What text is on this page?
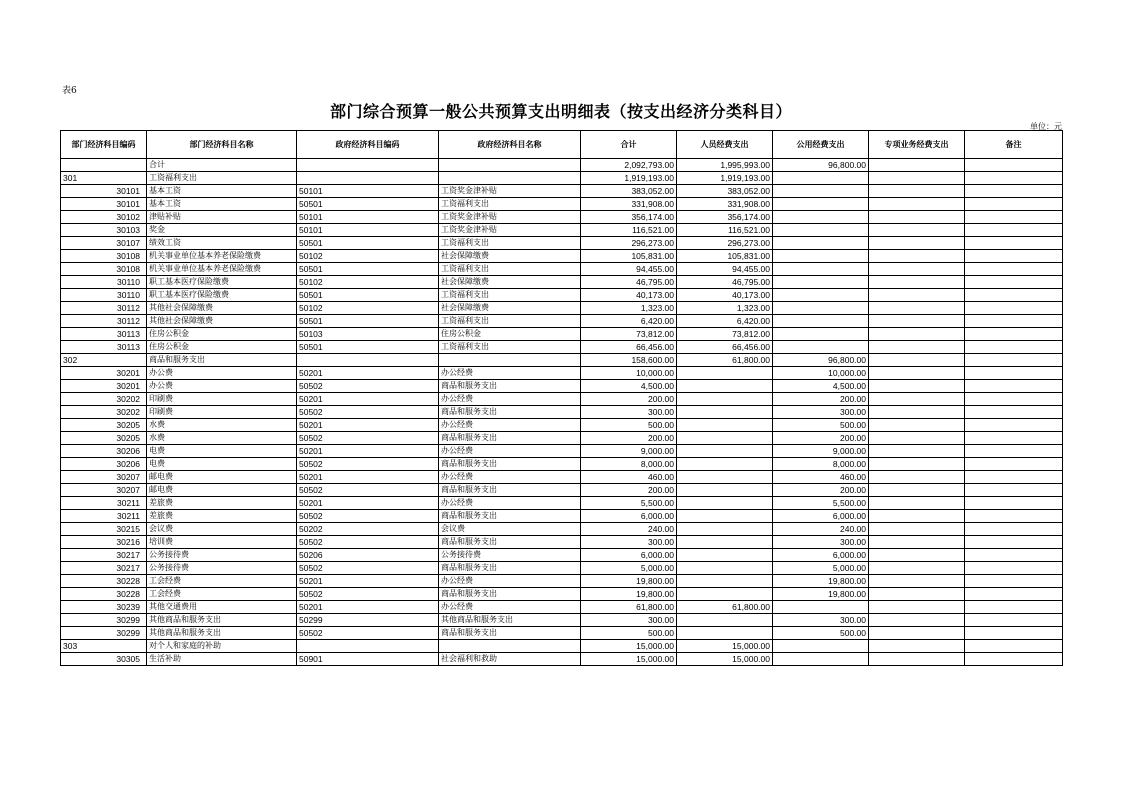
表6
部门综合预算一般公共预算支出明细表（按支出经济分类科目）
单位：元
部门经济科目编码	部门经济科目名称	政府经济科目编码	政府经济科目名称	合计	人员经费支出	公用经费支出	专项业务经费支出	备注
	合计			2,092,793.00	1,995,993.00	96,800.00		
301	工资福利支出			1,919,193.00	1,919,193.00			
30101	基本工资	50101	工资奖金津补贴	383,052.00	383,052.00			
30101	基本工资	50501	工资福利支出	331,908.00	331,908.00			
30102	津贴补贴	50101	工资奖金津补贴	356,174.00	356,174.00			
30103	奖金	50101	工资奖金津补贴	116,521.00	116,521.00			
30107	绩效工资	50501	工资福利支出	296,273.00	296,273.00			
30108	机关事业单位基本养老保险缴费	50102	社会保障缴费	105,831.00	105,831.00			
30108	机关事业单位基本养老保险缴费	50501	工资福利支出	94,455.00	94,455.00			
30110	职工基本医疗保险缴费	50102	社会保障缴费	46,795.00	46,795.00			
30110	职工基本医疗保险缴费	50501	工资福利支出	40,173.00	40,173.00			
30112	其他社会保障缴费	50102	社会保障缴费	1,323.00	1,323.00			
30112	其他社会保障缴费	50501	工资福利支出	6,420.00	6,420.00			
30113	住房公积金	50103	住房公积金	73,812.00	73,812.00			
30113	住房公积金	50501	工资福利支出	66,456.00	66,456.00			
302	商品和服务支出			158,600.00	61,800.00	96,800.00		
30201	办公费	50201	办公经费	10,000.00		10,000.00		
30201	办公费	50502	商品和服务支出	4,500.00		4,500.00		
30202	印刷费	50201	办公经费	200.00		200.00		
30202	印刷费	50502	商品和服务支出	300.00		300.00		
30205	水费	50201	办公经费	500.00		500.00		
30205	水费	50502	商品和服务支出	200.00		200.00		
30206	电费	50201	办公经费	9,000.00		9,000.00		
30206	电费	50502	商品和服务支出	8,000.00		8,000.00		
30207	邮电费	50201	办公经费	460.00		460.00		
30207	邮电费	50502	商品和服务支出	200.00		200.00		
30211	差旅费	50201	办公经费	5,500.00		5,500.00		
30211	差旅费	50502	商品和服务支出	6,000.00		6,000.00		
30215	会议费	50202	会议费	240.00		240.00		
30216	培训费	50502	商品和服务支出	300.00		300.00		
30217	公务接待费	50206	公务接待费	6,000.00		6,000.00		
30217	公务接待费	50502	商品和服务支出	5,000.00		5,000.00		
30228	工会经费	50201	办公经费	19,800.00		19,800.00		
30228	工会经费	50502	商品和服务支出	19,800.00		19,800.00		
30239	其他交通费用	50201	办公经费	61,800.00	61,800.00			
30299	其他商品和服务支出	50299	其他商品和服务支出	300.00		300.00		
30299	其他商品和服务支出	50502	商品和服务支出	500.00		500.00		
303	对个人和家庭的补助			15,000.00	15,000.00			
30305	生活补助	50901	社会福利和救助	15,000.00	15,000.00			
